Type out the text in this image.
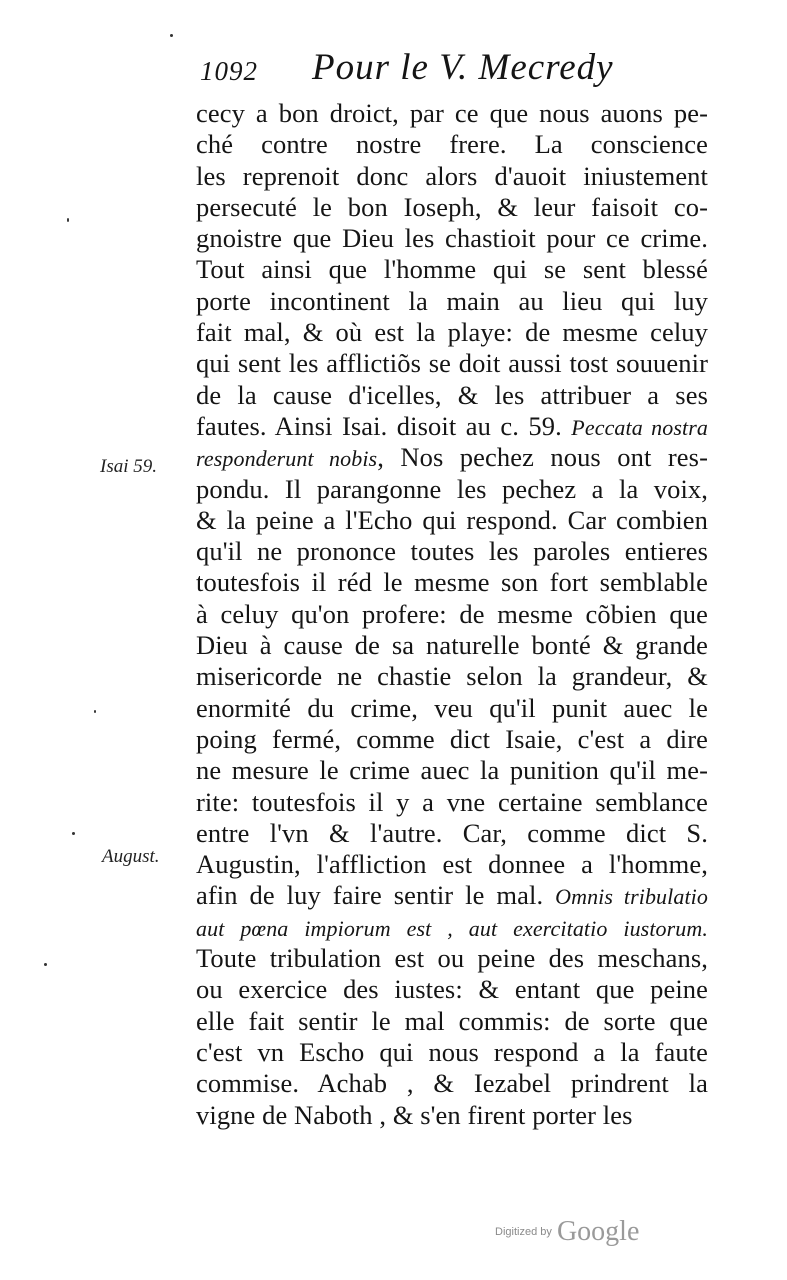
1092 Pour le V. Mecredy
cecy a bon droict, par ce que nous auons pe-
ché contre nostre frere. La conscience
les reprenoit donc alors d'auoit iniustement
persecuté le bon Ioseph, & leur faisoit co-
gnoistre que Dieu les chastioit pour ce crime.
Tout ainsi que l'homme qui se sent blessé
porte incontinent la main au lieu qui luy
fait mal, & où est la playe: de mesme celuy
qui sent les afflictiõs se doit aussi tost souuenir
de la cause d'icelles, & les attribuer a ses
fautes. Ainsi Isai. disoit au c. 59. Peccata nostra
responderunt nobis, Nos pechez nous ont res-
pondu. Il parangonne les pechez a la voix,
& la peine a l'Echo qui respond. Car combien
qu'il ne prononce toutes les paroles entieres
toutesfois il réd le mesme son fort semblable
à celuy qu'on profere: de mesme cõbien que
Dieu à cause de sa naturelle bonté & grande
misericorde ne chastie selon la grandeur, &
enormité du crime, veu qu'il punit auec le
poing fermé, comme dict Isaie, c'est a dire
ne mesure le crime auec la punition qu'il me-
rite: toutesfois il y a vne certaine semblance
entre l'vn & l'autre. Car, comme dict S.
Augustin, l'affliction est donnee a l'homme,
afin de luy faire sentir le mal. Omnis tribulatio
aut pœna impiorum est , aut exercitatio iustorum.
Toute tribulation est ou peine des meschans,
ou exercice des iustes: & entant que peine
elle fait sentir le mal commis: de sorte que
c'est vn Escho qui nous respond a la faute
commise. Achab , & Iezabel prindrent la
vigne de Naboth , & s'en firent porter les
Isai 59.
August.
Digitized by Google
